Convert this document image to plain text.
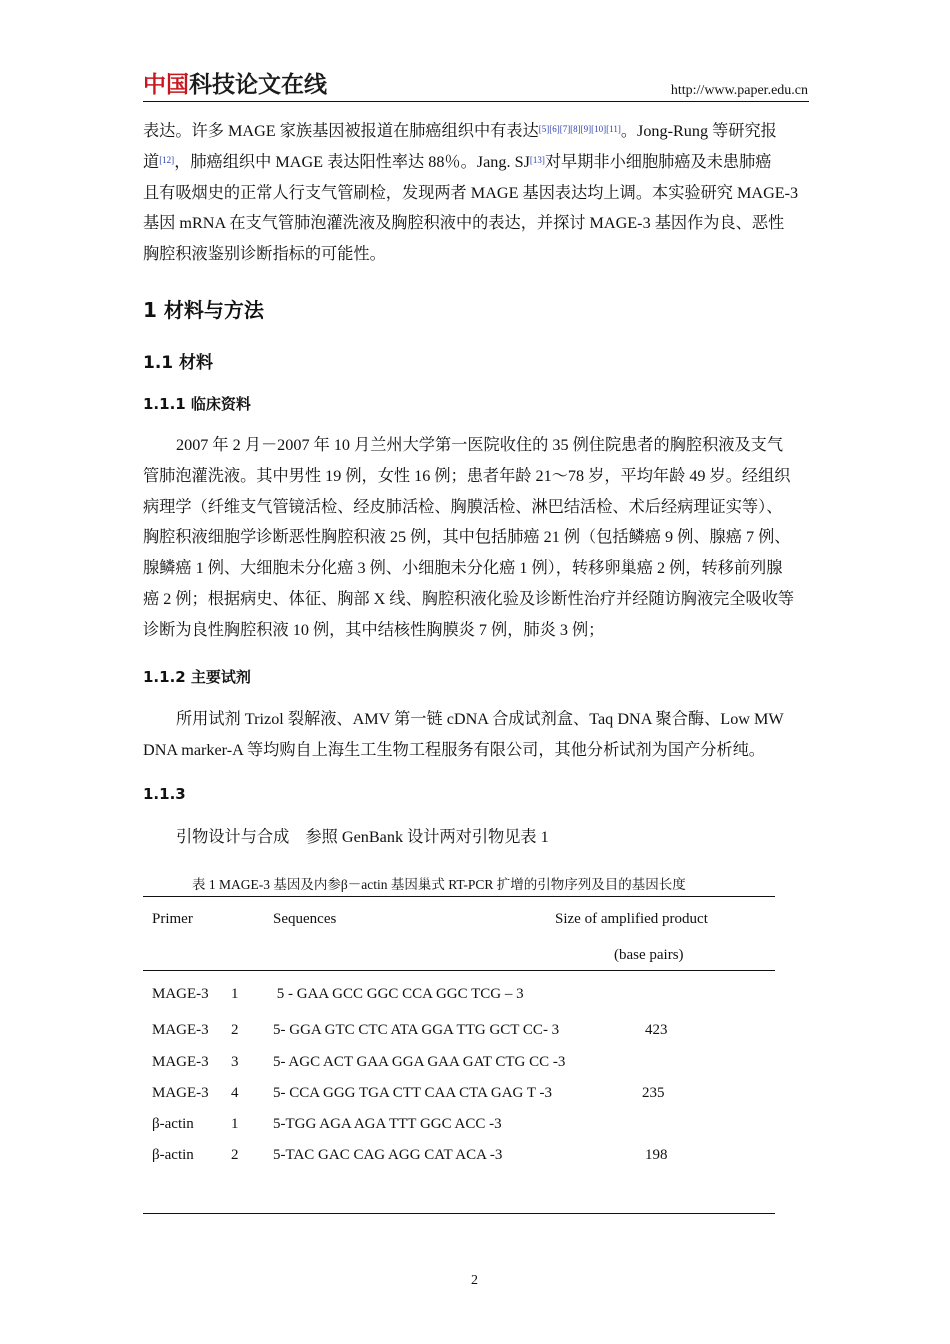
中国科技论文在线	http://www.paper.edu.cn
表达。许多 MAGE 家族基因被报道在肺癌组织中有表达[5][6][7][8][9][10][11]。Jong-Rung 等研究报
道[12]，肺癌组织中 MAGE 表达阳性率达 88％。Jang. SJ[13]对早期非小细胞肺癌及未患肺癌
且有吸烟史的正常人行支气管刷检，发现两者 MAGE 基因表达均上调。本实验研究 MAGE-3
基因 mRNA 在支气管肺泡灌洗液及胸腔积液中的表达，并探讨 MAGE-3 基因作为良、恶性
胸腔积液鉴别诊断指标的可能性。
1 材料与方法
1.1 材料
1.1.1 临床资料
2007 年 2 月－2007 年 10 月兰州大学第一医院收住的 35 例住院患者的胸腔积液及支气
管肺泡灌洗液。其中男性 19 例，女性 16 例；患者年龄 21～78 岁，平均年龄 49 岁。经组织
病理学（纤维支气管镜活检、经皮肺活检、胸膜活检、淋巴结活检、术后经病理证实等）、
胸腔积液细胞学诊断恶性胸腔积液 25 例，其中包括肺癌 21 例（包括鳞癌 9 例、腺癌 7 例、
腺鳞癌 1 例、大细胞未分化癌 3 例、小细胞未分化癌 1 例），转移卵巢癌 2 例，转移前列腺
癌 2 例；根据病史、体征、胸部 X 线、胸腔积液化验及诊断性治疗并经随访胸液完全吸收等
诊断为良性胸腔积液 10 例，其中结核性胸膜炎 7 例，肺炎 3 例；
1.1.2 主要试剂
所用试剂 Trizol 裂解液、AMV 第一链 cDNA 合成试剂盒、Taq DNA 聚合酶、Low MW
DNA marker-A 等均购自上海生工生物工程服务有限公司，其他分析试剂为国产分析纯。
1.1.3
引物设计与合成    参照 GenBank 设计两对引物见表 1
表 1 MAGE-3 基因及内参β－actin 基因巢式 RT-PCR 扩增的引物序列及目的基因长度
Primer	Sequences	Size of amplified product
(base pairs)
MAGE-3 1 5 - GAA GCC GGC CCA GGC TCG – 3
MAGE-3 2 5- GGA GTC CTC ATA GGA TTG GCT CC- 3	423
MAGE-3 3 5- AGC ACT GAA GGA GAA GAT CTG CC -3
MAGE-3 4 5- CCA GGG TGA CTT CAA CTA GAG T -3	235
β-actin 1 5-TGG AGA AGA TTT GGC ACC -3
β-actin 2 5-TAC GAC CAG AGG CAT ACA -3	198
2
